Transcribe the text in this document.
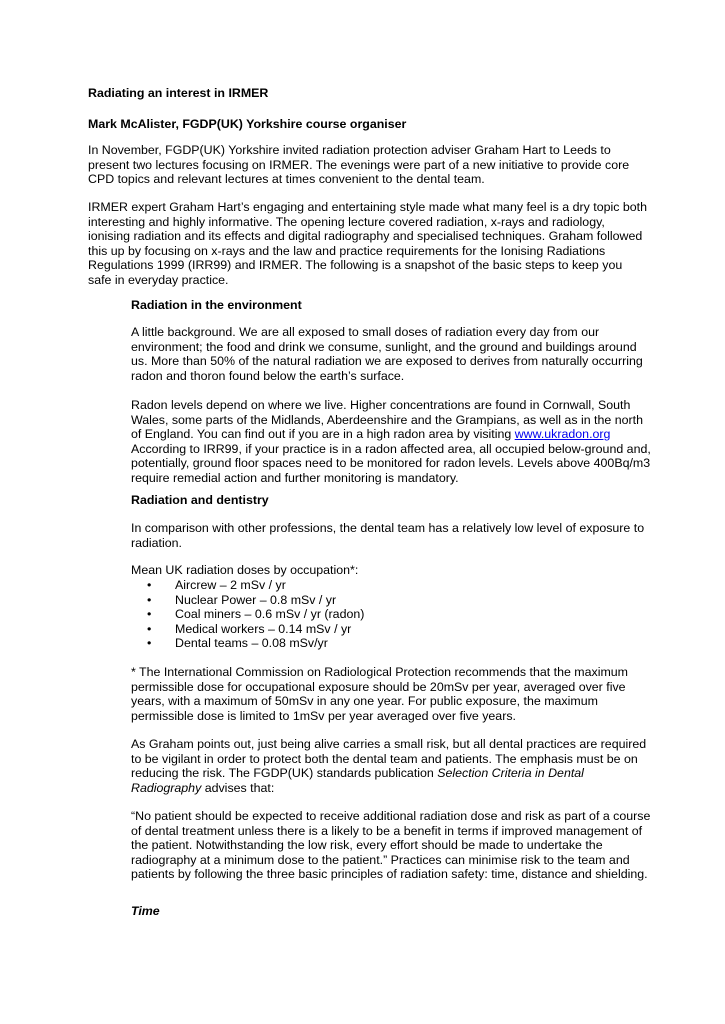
Radiating an interest in IRMER

Mark McAlister, FGDP(UK) Yorkshire course organiser

In November, FGDP(UK) Yorkshire invited radiation protection adviser Graham Hart to Leeds to present two lectures focusing on IRMER. The evenings were part of a new initiative to provide core CPD topics and relevant lectures at times convenient to the dental team.

IRMER expert Graham Hart’s engaging and entertaining style made what many feel is a dry topic both interesting and highly informative. The opening lecture covered radiation, x-rays and radiology, ionising radiation and its effects and digital radiography and specialised techniques. Graham followed this up by focusing on x-rays and the law and practice requirements for the Ionising Radiations Regulations 1999 (IRR99) and IRMER. The following is a snapshot of the basic steps to keep you safe in everyday practice.

Radiation in the environment

A little background. We are all exposed to small doses of radiation every day from our environment; the food and drink we consume, sunlight, and the ground and buildings around us. More than 50% of the natural radiation we are exposed to derives from naturally occurring radon and thoron found below the earth’s surface.

Radon levels depend on where we live. Higher concentrations are found in Cornwall, South Wales, some parts of the Midlands, Aberdeenshire and the Grampians, as well as in the north of England. You can find out if you are in a high radon area by visiting www.ukradon.org
According to IRR99, if your practice is in a radon affected area, all occupied below-ground and, potentially, ground floor spaces need to be monitored for radon levels. Levels above 400Bq/m3 require remedial action and further monitoring is mandatory.

Radiation and dentistry

In comparison with other professions, the dental team has a relatively low level of exposure to radiation.

Mean UK radiation doses by occupation*:

• Aircrew – 2 mSv / yr
• Nuclear Power – 0.8 mSv / yr
• Coal miners – 0.6 mSv / yr (radon)
• Medical workers – 0.14 mSv / yr
• Dental teams – 0.08 mSv/yr

* The International Commission on Radiological Protection recommends that the maximum permissible dose for occupational exposure should be 20mSv per year, averaged over five years, with a maximum of 50mSv in any one year. For public exposure, the maximum permissible dose is limited to 1mSv per year averaged over five years.

As Graham points out, just being alive carries a small risk, but all dental practices are required to be vigilant in order to protect both the dental team and patients. The emphasis must be on reducing the risk. The FGDP(UK) standards publication Selection Criteria in Dental Radiography advises that:

“No patient should be expected to receive additional radiation dose and risk as part of a course of dental treatment unless there is a likely to be a benefit in terms if improved management of the patient. Notwithstanding the low risk, every effort should be made to undertake the radiography at a minimum dose to the patient.” Practices can minimise risk to the team and patients by following the three basic principles of radiation safety: time, distance and shielding.

Time
